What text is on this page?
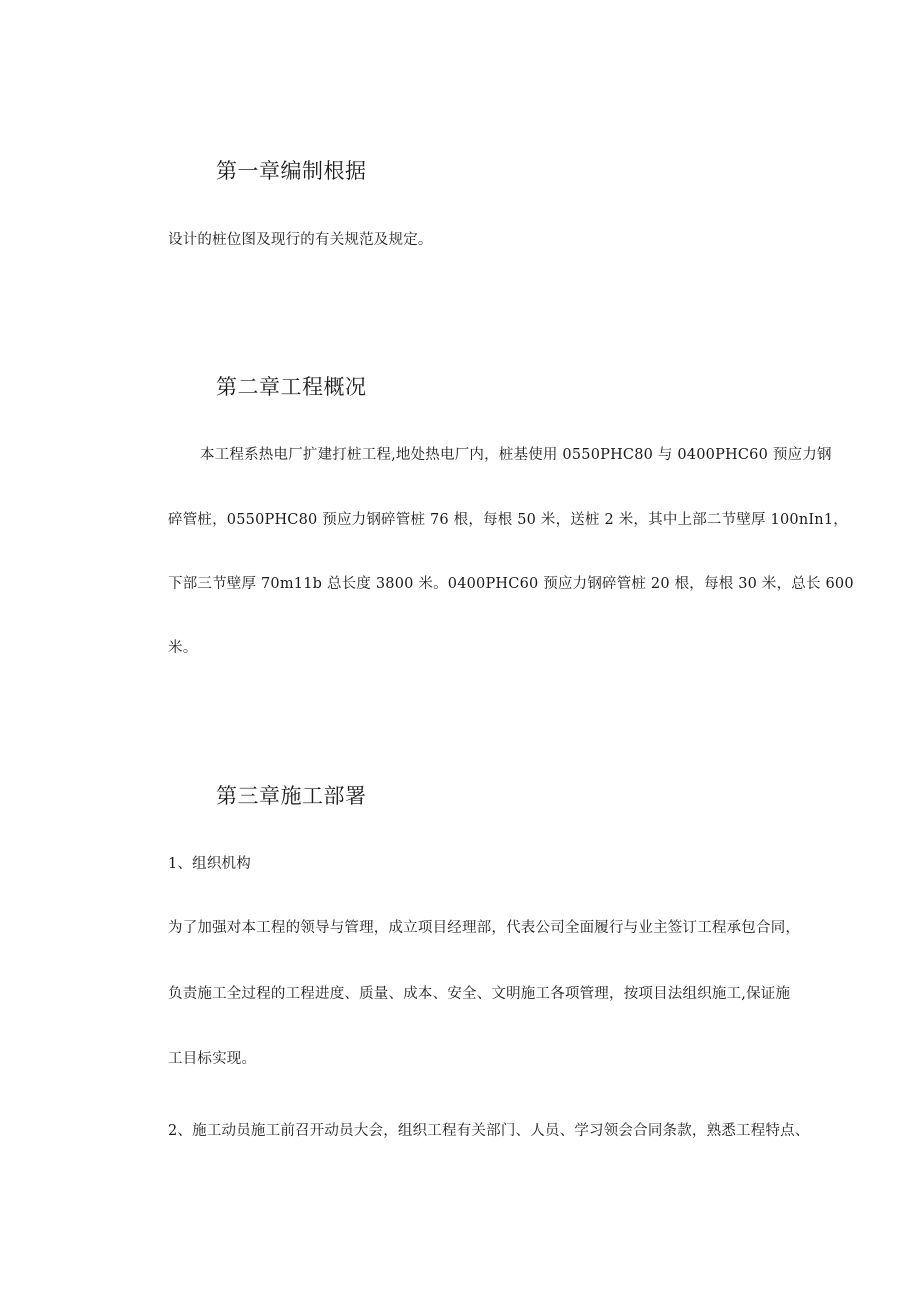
第一章编制根据

设计的桩位图及现行的有关规范及规定。

第二章工程概况

本工程系热电厂扩建打桩工程,地处热电厂内，桩基使用 0550PHC80 与 0400PHC60 预应力钢

碎管桩，0550PHC80 预应力钢碎管桩 76 根，每根 50 米，送桩 2 米，其中上部二节壁厚 100nIn1，

下部三节壁厚 70m11b 总长度 3800 米。0400PHC60 预应力钢碎管桩 20 根，每根 30 米，总长 600

米。

第三章施工部署

1、组织机构

为了加强对本工程的领导与管理，成立项目经理部，代表公司全面履行与业主签订工程承包合同，

负责施工全过程的工程进度、质量、成本、安全、文明施工各项管理，按项目法组织施工,保证施

工目标实现。

2、施工动员施工前召开动员大会，组织工程有关部门、人员、学习领会合同条款，熟悉工程特点、
